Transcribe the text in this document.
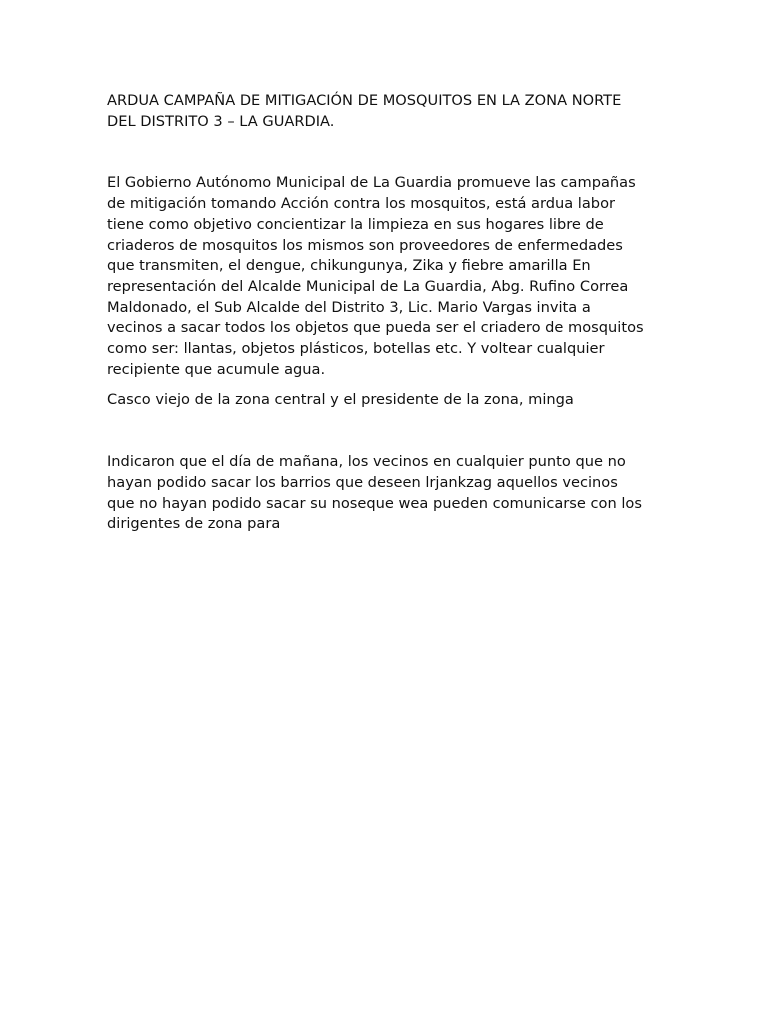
ARDUA CAMPAÑA DE MITIGACIÓN DE MOSQUITOS EN LA ZONA NORTE
DEL DISTRITO 3 – LA GUARDIA.

El Gobierno Autónomo Municipal de La Guardia promueve las campañas
de mitigación tomando Acción contra los mosquitos, está ardua labor
tiene como objetivo concientizar la limpieza en sus hogares libre de
criaderos de mosquitos los mismos son proveedores de enfermedades
que transmiten, el dengue, chikungunya, Zika y fiebre amarilla En
representación del Alcalde Municipal de La Guardia, Abg. Rufino Correa
Maldonado, el Sub Alcalde del Distrito 3, Lic. Mario Vargas invita a
vecinos a sacar todos los objetos que pueda ser el criadero de mosquitos
como ser: llantas, objetos plásticos, botellas etc. Y voltear cualquier
recipiente que acumule agua.

Casco viejo de la zona central y el presidente de la zona, minga

Indicaron que el día de mañana, los vecinos en cualquier punto que no
hayan podido sacar los barrios que deseen lrjankzag aquellos vecinos
que no hayan podido sacar su noseque wea pueden comunicarse con los
dirigentes de zona para
